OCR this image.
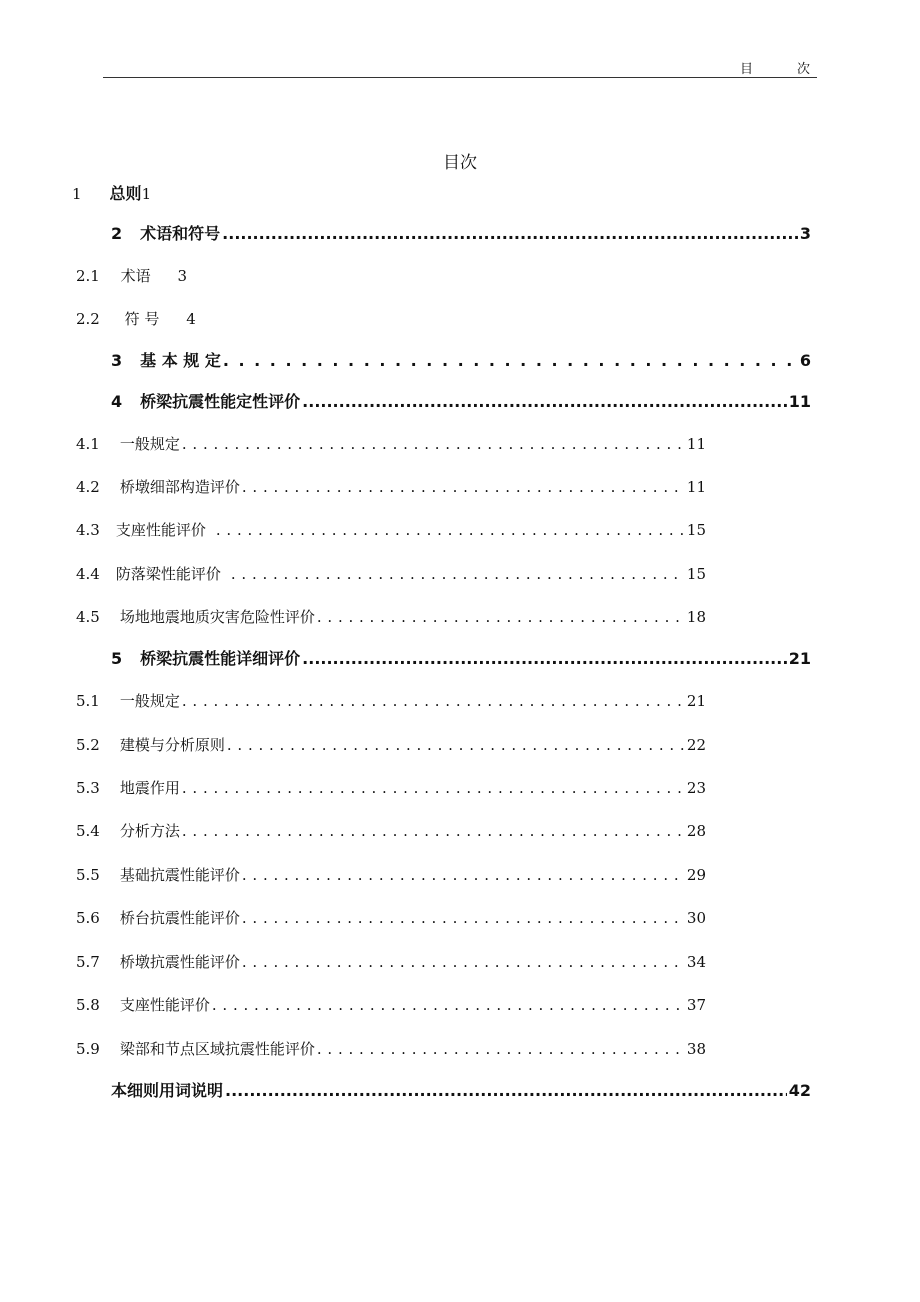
目	次
目次
1 总则1
2 术语和符号 .....	3
2.1 术语 3
2.2 符 号 4
3 基 本 规 定 . . .	6
4 桥梁抗震性能定性评价 .....	11
4.1 一般规定 . . .	11
4.2 桥墩细部构造评价 . . .	11
4.3 支座性能评价 . . .	15
4.4 防落梁性能评价 . . .	15
4.5 场地地震地质灾害危险性评价 . . .	18
5 桥梁抗震性能详细评价 .....	21
5.1 一般规定 . . .	21
5.2 建模与分析原则 . . .	22
5.3 地震作用 . . .	23
5.4 分析方法 . . .	28
5.5 基础抗震性能评价 . . .	29
5.6 桥台抗震性能评价 . . .	30
5.7 桥墩抗震性能评价 . . .	34
5.8 支座性能评价 . . .	37
5.9 梁部和节点区域抗震性能评价 . . .	38
本细则用词说明 .....	42
